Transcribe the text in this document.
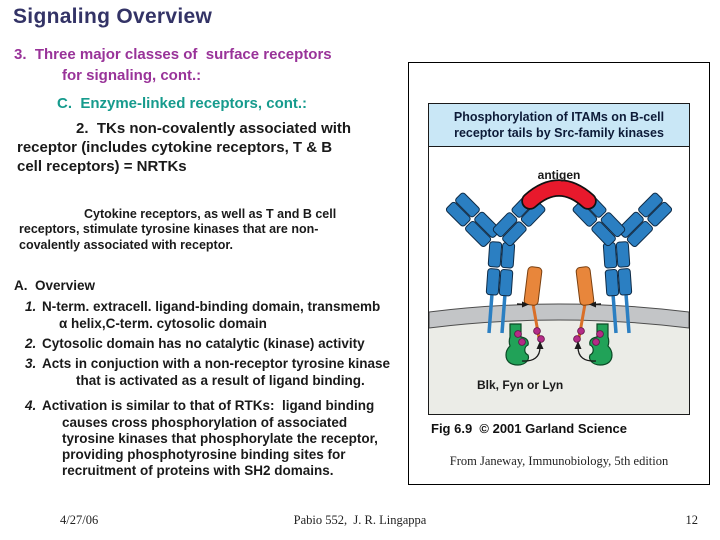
Signaling Overview
3.  Three major classes of  surface receptors
for signaling, cont.:
C.  Enzyme-linked receptors, cont.:
2.  TKs non-covalently associated with
receptor (includes cytokine receptors, T & B
cell receptors) = NRTKs
Cytokine receptors, as well as T and B cell
receptors, stimulate tyrosine kinases that are non-
covalently associated with receptor.
A.  Overview
1. N-term. extracell. ligand-binding domain, transmemb
α helix,C-term. cytosolic domain
2. Cytosolic domain has no catalytic (kinase) activity
3. Acts in conjuction with a non-receptor tyrosine kinase
that is activated as a result of ligand binding.
4. Activation is similar to that of RTKs:  ligand binding
causes cross phosphorylation of associated
tyrosine kinases that phosphorylate the receptor,
providing phosphotyrosine binding sites for
recruitment of proteins with SH2 domains.
4/27/06	Pabio 552,  J. R. Lingappa	12
Phosphorylation of ITAMs on B-cell
receptor tails by Src-family kinases
antigen
Blk, Fyn or Lyn
Fig 6.9  © 2001 Garland Science
From Janeway, Immunobiology, 5th edition
